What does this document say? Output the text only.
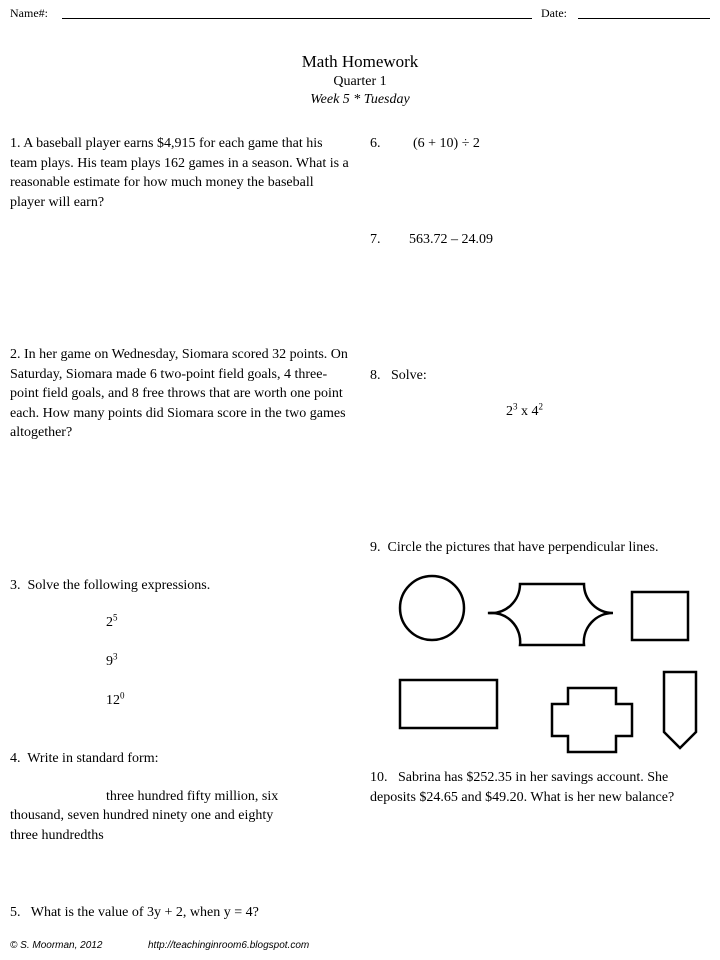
Name#:	Date:
Math Homework
Quarter 1
Week 5 * Tuesday
1. A baseball player earns $4,915 for each game that his team plays. His team plays 162 games in a season. What is a reasonable estimate for how much money the baseball player will earn?
2. In her game on Wednesday, Siomara scored 32 points. On Saturday, Siomara made 6 two-point field goals, 4 three-point field goals, and 8 free throws that are worth one point each. How many points did Siomara score in the two games altogether?
3. Solve the following expressions.
$2^5$
$9^3$
$12^0$
4. Write in standard form:
three hundred fifty million, six
thousand, seven hundred ninety one and eighty
three hundredths
5. What is the value of 3y + 2, when y = 4?
6. (6 + 10) ÷ 2
7. 563.72 – 24.09
8. Solve:
$2^3$ x $4^2$
9. Circle the pictures that have perpendicular lines.
10. Sabrina has $252.35 in her savings account. She deposits $24.65 and $49.20. What is her new balance?
© S. Moorman, 2012	http://teachinginroom6.blogspot.com
